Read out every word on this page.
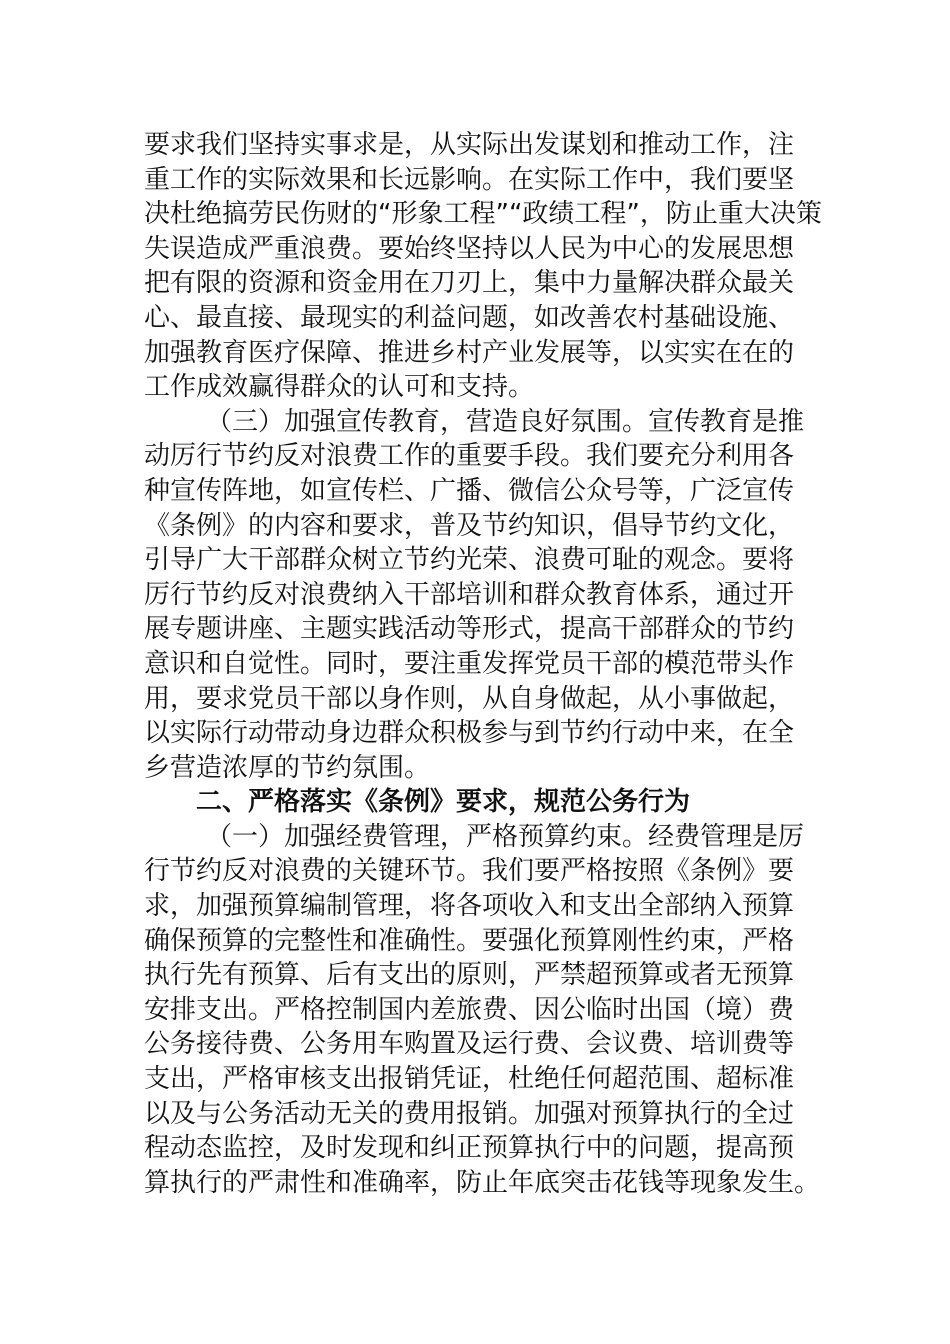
要求我们坚持实事求是，从实际出发谋划和推动工作，注
重工作的实际效果和长远影响。在实际工作中，我们要坚
决杜绝搞劳民伤财的“形象工程”“政绩工程”，防止重大决策
失误造成严重浪费。要始终坚持以人民为中心的发展思想
把有限的资源和资金用在刀刃上，集中力量解决群众最关
心、最直接、最现实的利益问题，如改善农村基础设施、
加强教育医疗保障、推进乡村产业发展等，以实实在在的
工作成效赢得群众的认可和支持。
（三）加强宣传教育，营造良好氛围。宣传教育是推
动厉行节约反对浪费工作的重要手段。我们要充分利用各
种宣传阵地，如宣传栏、广播、微信公众号等，广泛宣传
《条例》的内容和要求，普及节约知识，倡导节约文化，
引导广大干部群众树立节约光荣、浪费可耻的观念。要将
厉行节约反对浪费纳入干部培训和群众教育体系，通过开
展专题讲座、主题实践活动等形式，提高干部群众的节约
意识和自觉性。同时，要注重发挥党员干部的模范带头作
用，要求党员干部以身作则，从自身做起，从小事做起，
以实际行动带动身边群众积极参与到节约行动中来，在全
乡营造浓厚的节约氛围。
二、严格落实《条例》要求，规范公务行为
（一）加强经费管理，严格预算约束。经费管理是厉
行节约反对浪费的关键环节。我们要严格按照《条例》要
求，加强预算编制管理，将各项收入和支出全部纳入预算
确保预算的完整性和准确性。要强化预算刚性约束，严格
执行先有预算、后有支出的原则，严禁超预算或者无预算
安排支出。严格控制国内差旅费、因公临时出国（境）费
公务接待费、公务用车购置及运行费、会议费、培训费等
支出，严格审核支出报销凭证，杜绝任何超范围、超标准
以及与公务活动无关的费用报销。加强对预算执行的全过
程动态监控，及时发现和纠正预算执行中的问题，提高预
算执行的严肃性和准确率，防止年底突击花钱等现象发生。
